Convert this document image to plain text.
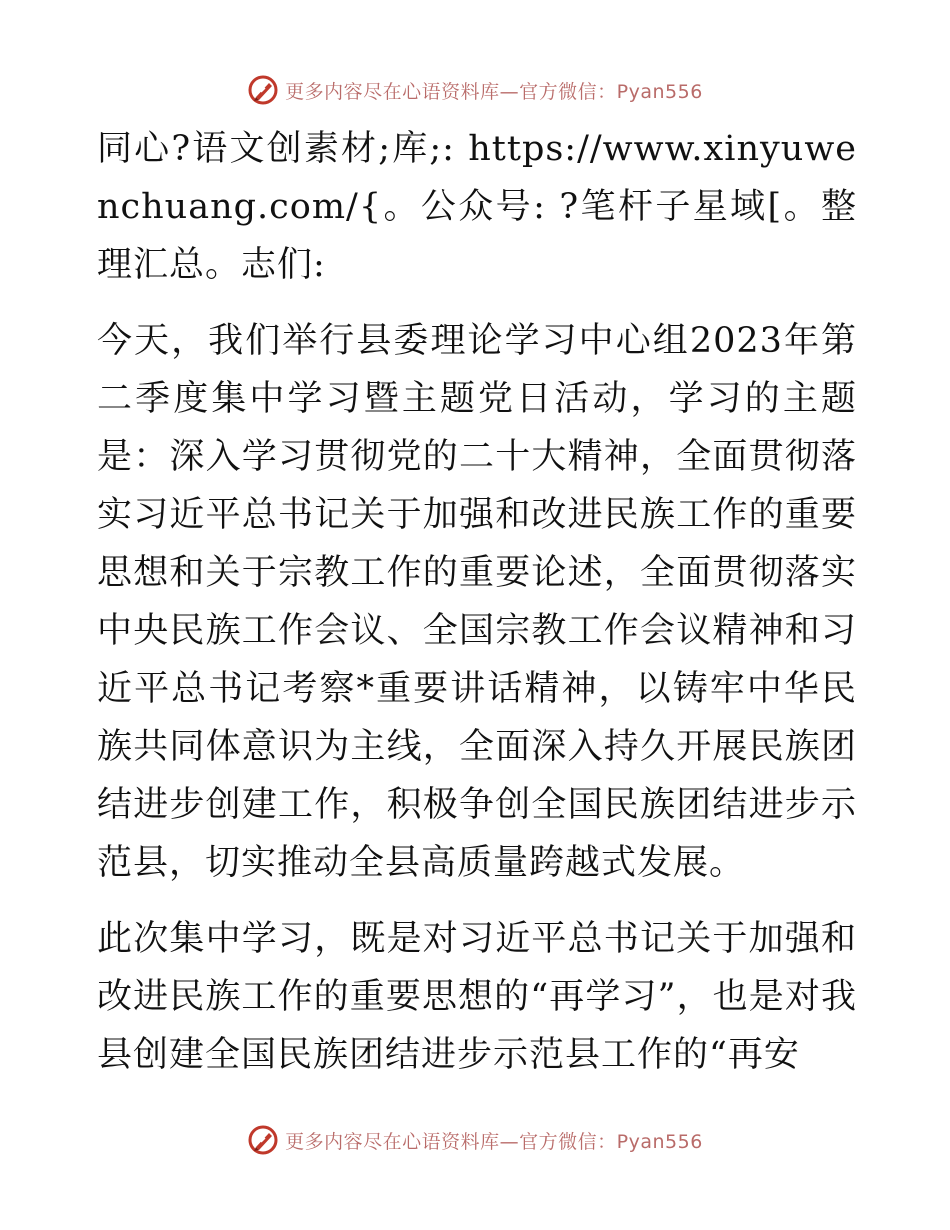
更多内容尽在心语资料库—官方微信：Pyan556

同心?语文创素材;库;: https://www.xinyuwenchuang.com/{。公众号: ?笔杆子星域[。整理汇总。志们:

今天，我们举行县委理论学习中心组2023年第二季度集中学习暨主题党日活动，学习的主题是：深入学习贯彻党的二十大精神，全面贯彻落实习近平总书记关于加强和改进民族工作的重要思想和关于宗教工作的重要论述，全面贯彻落实中央民族工作会议、全国宗教工作会议精神和习近平总书记考察*重要讲话精神，以铸牢中华民族共同体意识为主线，全面深入持久开展民族团结进步创建工作，积极争创全国民族团结进步示范县，切实推动全县高质量跨越式发展。

此次集中学习，既是对习近平总书记关于加强和改进民族工作的重要思想的“再学习”，也是对我县创建全国民族团结进步示范县工作的“再安

更多内容尽在心语资料库—官方微信：Pyan556
